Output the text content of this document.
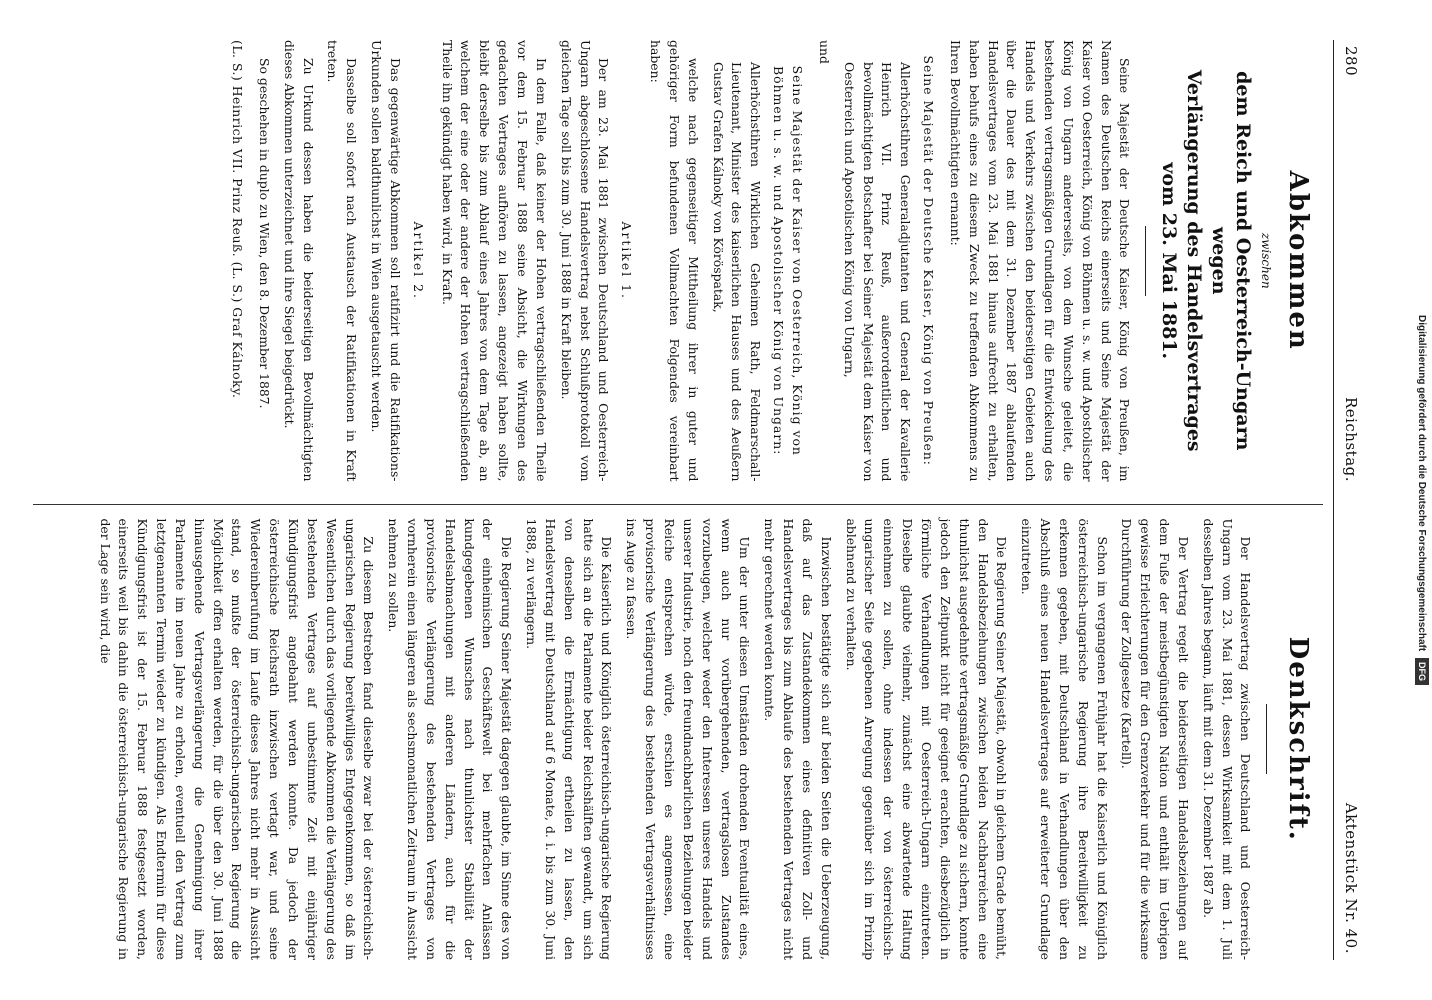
280
Reichstag.
Aktenstück Nr. 40.
Abkommen
zwischen
dem Reich und Oesterreich-Ungarn wegen
Verlängerung des Handelsvertrages
vom 23. Mai 1881.

Seine Majestät der Deutsche Kaiser, König von Preußen, im Namen des Deutschen Reichs einerseits und Seine Majestät der Kaiser von Oesterreich, König von Böhmen u. s. w. und Apostolischer König von Ungarn andererseits, von dem Wunsche geleitet, die bestehenden vertragsmäßigen Grundlagen für die Entwickelung des Handels und Verkehrs zwischen den beiderseitigen Gebieten auch über die Dauer des mit dem 31. Dezember 1887 ablaufenden Handelsvertrages vom 23. Mai 1881 hinaus aufrecht zu erhalten, haben behufs eines zu diesem Zweck zu treffenden Abkommens zu Ihren Bevollmächtigten ernannt:

Seine Majestät der Deutsche Kaiser, König von Preußen:

Allerhöchstihren Generaladjutanten und General der Kavallerie Heinrich VII. Prinz Reuß, außerordentlichen und bevollmächtigten Botschafter bei Seiner Majestät dem Kaiser von Oesterreich und Apostolischen König von Ungarn,

und

Seine Majestät der Kaiser von Oesterreich, König von Böhmen u. s. w. und Apostolischer König von Ungarn:

Allerhöchstihren Wirklichen Geheimen Rath, Feldmarschall-Lieutenant, Minister des kaiserlichen Hauses und des Aeußern Gustav Grafen Kálnoky von Köröspatak,

welche nach gegenseitiger Mittheilung ihrer in guter und gehöriger Form befundenen Vollmachten Folgendes vereinbart haben:

Artikel 1.

Der am 23. Mai 1881 zwischen Deutschland und Oesterreich-Ungarn abgeschlossene Handelsvertrag nebst Schlußprotokoll vom gleichen Tage soll bis zum 30. Juni 1888 in Kraft bleiben.

In dem Falle, daß keiner der Hohen vertragschließenden Theile vor dem 15. Februar 1888 seine Absicht, die Wirkungen des gedachten Vertrages aufhören zu lassen, angezeigt haben sollte, bleibt derselbe bis zum Ablauf eines Jahres von dem Tage ab, an welchem der eine oder der andere der Hohen vertragschließenden Theile ihn gekündigt haben wird, in Kraft.

Artikel 2.

Das gegenwärtige Abkommen soll ratifizirt und die Ratifikations-Urkunden sollen baldthunlichst in Wien ausgetauscht werden.

Dasselbe soll sofort nach Austausch der Ratifikationen in Kraft treten.

Zu Urkund dessen haben die beiderseitigen Bevollmächtigten dieses Abkommen unterzeichnet und ihre Siegel beigedrückt.

So geschehen in duplo zu Wien, den 8. Dezember 1887.

(L. S.) Heinrich VII. Prinz Reuß. (L. S.) Graf Kálnoky.

Denkschrift.

Der Handelsvertrag zwischen Deutschland und Oesterreich-Ungarn vom 23. Mai 1881, dessen Wirksamkeit mit dem 1. Juli desselben Jahres begann, läuft mit dem 31. Dezember 1887 ab.

Der Vertrag regelt die beiderseitigen Handelsbeziehungen auf dem Fuße der meistbegünstigten Nation und enthält im Uebrigen gewisse Erleichterungen für den Grenzverkehr und für die wirksame Durchführung der Zollgesetze (Kartell).

Schon im vergangenen Frühjahr hat die Kaiserlich und Königlich österreichisch-ungarische Regierung ihre Bereitwilligkeit zu erkennen gegeben, mit Deutschland in Verhandlungen über den Abschluß eines neuen Handelsvertrages auf erweiterter Grundlage einzutreten.

Die Regierung Seiner Majestät, obwohl in gleichem Grade bemüht, den Handelsbeziehungen zwischen beiden Nachbarreichen eine thunlichst ausgedehnte vertragsmäßige Grundlage zu sichern, konnte jedoch den Zeitpunkt nicht für geeignet erachten, diesbezüglich in förmliche Verhandlungen mit Oesterreich-Ungarn einzutreten. Dieselbe glaubte vielmehr, zunächst eine abwartende Haltung einnehmen zu sollen, ohne indessen der von österreichisch-ungarischer Seite gegebenen Anregung gegenüber sich im Prinzip ablehnend zu verhalten.

Inzwischen bestätigte sich auf beiden Seiten die Ueberzeugung, daß auf das Zustandekommen eines definitiven Zoll- und Handelsvertrages bis zum Ablaufe des bestehenden Vertrages nicht mehr gerechnet werden konnte.

Um der unter diesen Umständen drohenden Eventualität eines, wenn auch nur vorübergehenden, vertragslosen Zustandes vorzubeugen, welcher weder den Interessen unseres Handels und unserer Industrie, noch den freundnachbarlichen Beziehungen beider Reiche entsprechen würde, erschien es angemessen, eine provisorische Verlängerung des bestehenden Vertragsverhältnisses ins Auge zu fassen.

Die Kaiserlich und Königlich österreichisch-ungarische Regierung hatte sich an die Parlamente beider Reichshälften gewandt, um sich von denselben die Ermächtigung ertheilen zu lassen, den Handelsvertrag mit Deutschland auf 6 Monate, d. i. bis zum 30. Juni 1888, zu verlängern.

Die Regierung Seiner Majestät dagegen glaubte, im Sinne des von der einheimischen Geschäftswelt bei mehrfachen Anlässen kundgegebenen Wunsches nach thunlichster Stabilität der Handelsabmachungen mit anderen Ländern, auch für die provisorische Verlängerung des bestehenden Vertrages von vornherein einen längeren als sechsmonatlichen Zeitraum in Aussicht nehmen zu sollen.

Zu diesem Bestreben fand dieselbe zwar bei der österreichisch-ungarischen Regierung bereitwilliges Entgegenkommen, so daß im Wesentlichen durch das vorliegende Abkommen die Verlängerung des bestehenden Vertrages auf unbestimmte Zeit mit einjähriger Kündigungsfrist angebahnt werden konnte. Da jedoch der österreichische Reichsrath inzwischen vertagt war, und seine Wiedereinberufung im Laufe dieses Jahres nicht mehr in Aussicht stand, so mußte der österreichisch-ungarischen Regierung die Möglichkeit offen erhalten werden, für die über den 30. Juni 1888 hinausgehende Vertragsverlängerung die Genehmigung ihrer Parlamente im neuen Jahre zu erholen, eventuell den Vertrag zum letztgenannten Termin wieder zu kündigen. Als Endtermin für diese Kündigungsfrist ist der 15. Februar 1888 festgesetzt worden, einerseits weil bis dahin die österreichisch-ungarische Regierung in der Lage sein wird, die	Digitalisierung gefördert durch die Deutsche Forschungsgemeinschaft DFG
